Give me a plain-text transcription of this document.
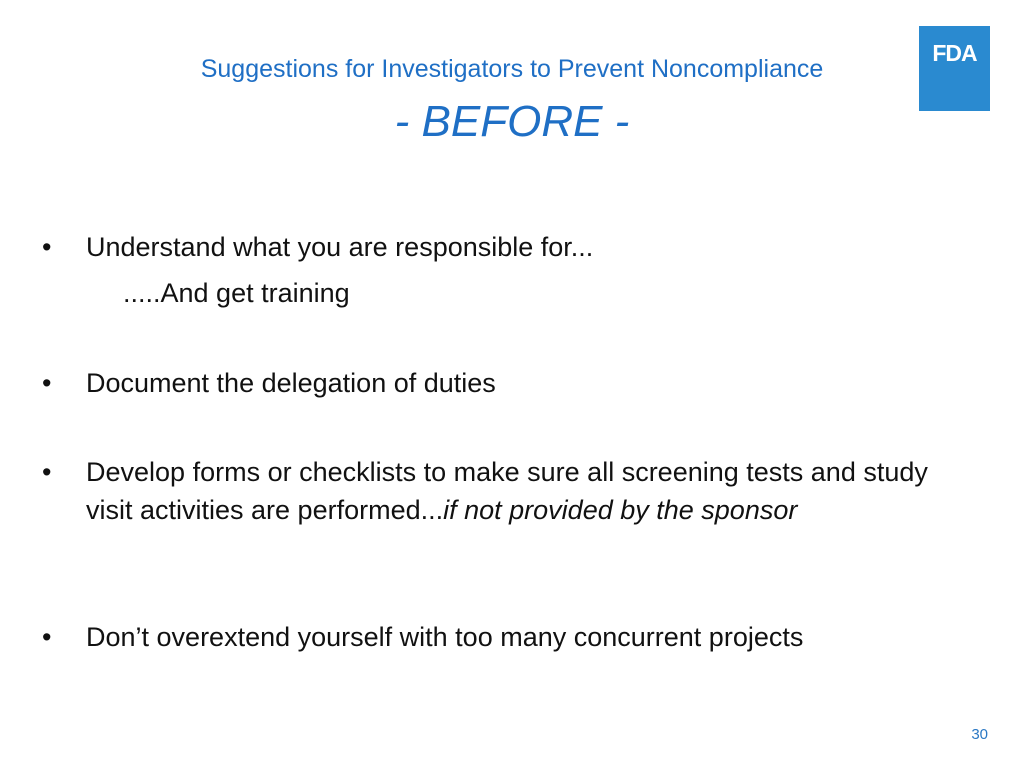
Suggestions for Investigators to Prevent Noncompliance
- BEFORE -
FDA
•	Understand what you are responsible for...
.....And get training
•	Document the delegation of duties
•	Develop forms or checklists to make sure all screening tests and study visit activities are performed...if not provided by the sponsor
•	Don’t overextend yourself with too many concurrent projects
30
